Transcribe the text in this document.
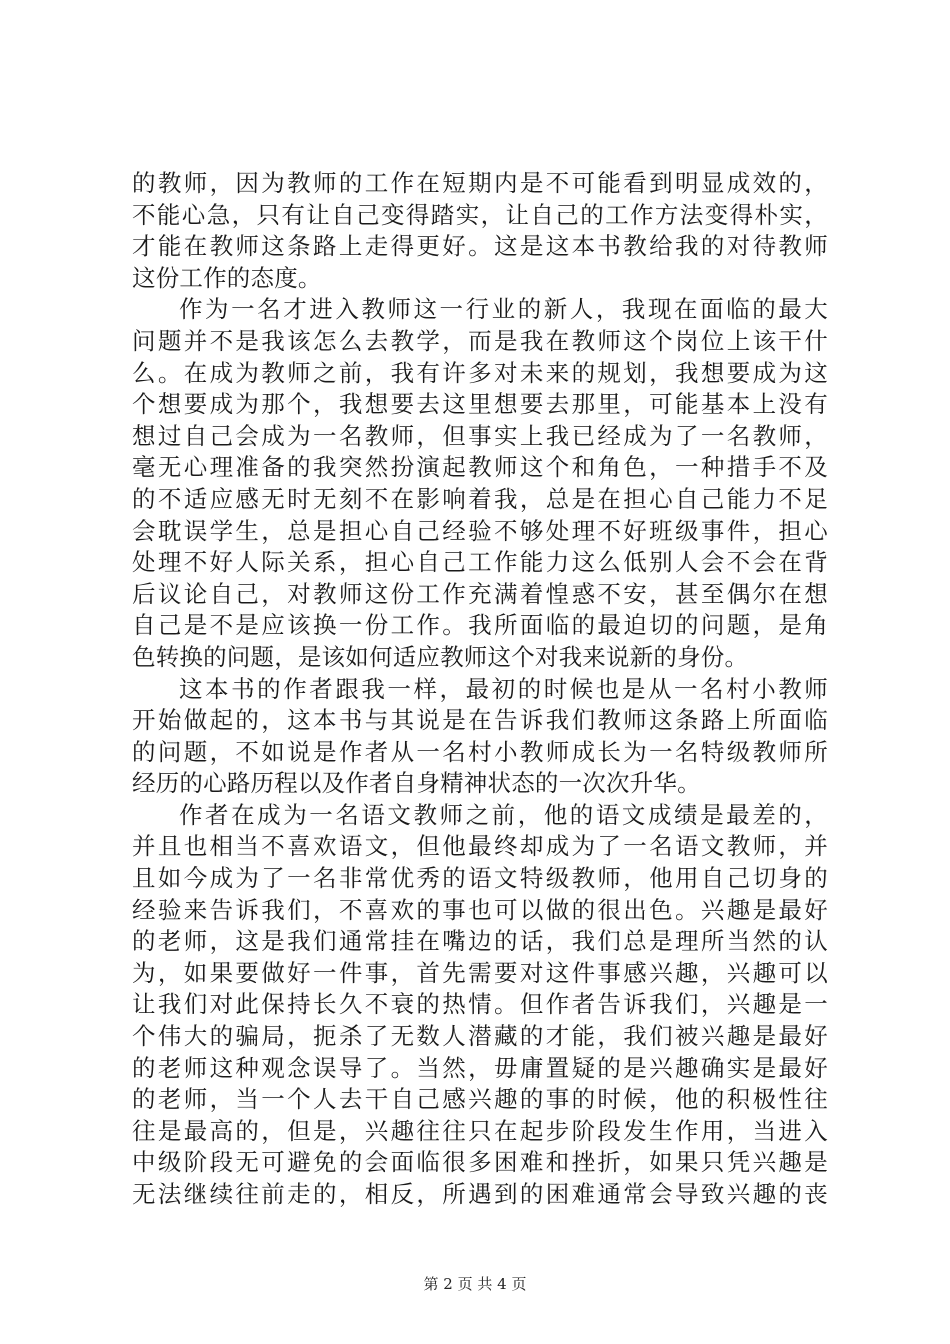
的教师，因为教师的工作在短期内是不可能看到明显成效的，
不能心急，只有让自己变得踏实，让自己的工作方法变得朴实，
才能在教师这条路上走得更好。这是这本书教给我的对待教师
这份工作的态度。
作为一名才进入教师这一行业的新人，我现在面临的最大
问题并不是我该怎么去教学，而是我在教师这个岗位上该干什
么。在成为教师之前，我有许多对未来的规划，我想要成为这
个想要成为那个，我想要去这里想要去那里，可能基本上没有
想过自己会成为一名教师，但事实上我已经成为了一名教师，
毫无心理准备的我突然扮演起教师这个和角色，一种措手不及
的不适应感无时无刻不在影响着我，总是在担心自己能力不足
会耽误学生，总是担心自己经验不够处理不好班级事件，担心
处理不好人际关系，担心自己工作能力这么低别人会不会在背
后议论自己，对教师这份工作充满着惶惑不安，甚至偶尔在想
自己是不是应该换一份工作。我所面临的最迫切的问题，是角
色转换的问题，是该如何适应教师这个对我来说新的身份。
这本书的作者跟我一样，最初的时候也是从一名村小教师
开始做起的，这本书与其说是在告诉我们教师这条路上所面临
的问题，不如说是作者从一名村小教师成长为一名特级教师所
经历的心路历程以及作者自身精神状态的一次次升华。
作者在成为一名语文教师之前，他的语文成绩是最差的，
并且也相当不喜欢语文，但他最终却成为了一名语文教师，并
且如今成为了一名非常优秀的语文特级教师，他用自己切身的
经验来告诉我们，不喜欢的事也可以做的很出色。兴趣是最好
的老师，这是我们通常挂在嘴边的话，我们总是理所当然的认
为，如果要做好一件事，首先需要对这件事感兴趣，兴趣可以
让我们对此保持长久不衰的热情。但作者告诉我们，兴趣是一
个伟大的骗局，扼杀了无数人潜藏的才能，我们被兴趣是最好
的老师这种观念误导了。当然，毋庸置疑的是兴趣确实是最好
的老师，当一个人去干自己感兴趣的事的时候，他的积极性往
往是最高的，但是，兴趣往往只在起步阶段发生作用，当进入
中级阶段无可避免的会面临很多困难和挫折，如果只凭兴趣是
无法继续往前走的，相反，所遇到的困难通常会导致兴趣的丧
第 2 页 共 4 页
